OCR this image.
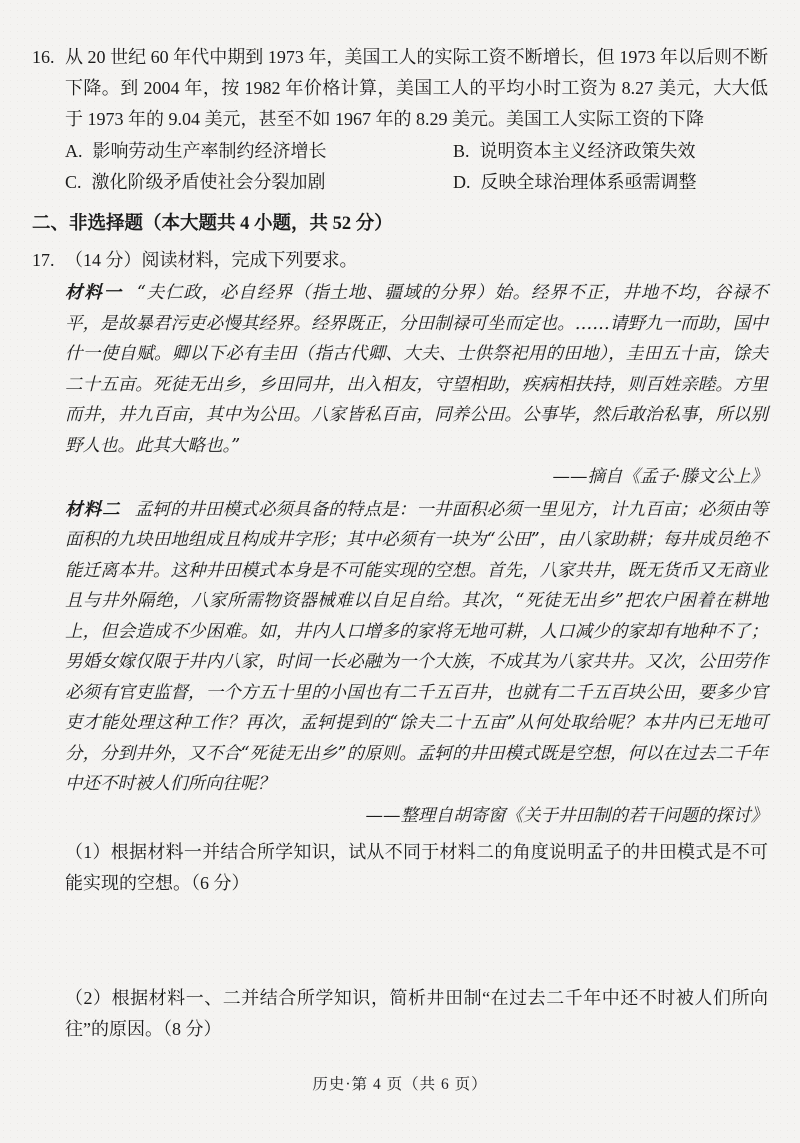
16. 从 20 世纪 60 年代中期到 1973 年，美国工人的实际工资不断增长，但 1973 年以后则不断下降。到 2004 年，按 1982 年价格计算，美国工人的平均小时工资为 8.27 美元，大大低于 1973 年的 9.04 美元，甚至不如 1967 年的 8.29 美元。美国工人实际工资的下降

A. 影响劳动生产率制约经济增长	B. 说明资本主义经济政策失效
C. 激化阶级矛盾使社会分裂加剧	D. 反映全球治理体系亟需调整
二、非选择题（本大题共 4 小题，共 52 分）
17. （14 分）阅读材料，完成下列要求。

材料一 “夫仁政，必自经界（指土地、疆域的分界）始。经界不正，井地不均，谷禄不平，是故暴君污吏必慢其经界。经界既正，分田制禄可坐而定也。……请野九一而助，国中什一使自赋。卿以下必有圭田（指古代卿、大夫、士供祭祀用的田地），圭田五十亩，馀夫二十五亩。死徒无出乡，乡田同井，出入相友，守望相助，疾病相扶持，则百姓亲睦。方里而井，井九百亩，其中为公田。八家皆私百亩，同养公田。公事毕，然后敢治私事，所以别野人也。此其大略也。”

——摘自《孟子·滕文公上》

材料二 孟轲的井田模式必须具备的特点是：一井面积必须一里见方，计九百亩；必须由等面积的九块田地组成且构成井字形；其中必须有一块为“公田”，由八家助耕；每井成员绝不能迁离本井。这种井田模式本身是不可能实现的空想。首先，八家共井，既无货币又无商业且与井外隔绝，八家所需物资器械难以自足自给。其次，“死徒无出乡”把农户困着在耕地上，但会造成不少困难。如，井内人口增多的家将无地可耕，人口减少的家却有地种不了；男婚女嫁仅限于井内八家，时间一长必融为一个大族，不成其为八家共井。又次，公田劳作必须有官吏监督，一个方五十里的小国也有二千五百井，也就有二千五百块公田，要多少官吏才能处理这种工作？再次，孟轲提到的“馀夫二十五亩”从何处取给呢？本井内已无地可分，分到井外，又不合“死徒无出乡”的原则。孟轲的井田模式既是空想，何以在过去二千年中还不时被人们所向往呢？

——整理自胡寄窗《关于井田制的若干问题的探讨》

（1）根据材料一并结合所学知识，试从不同于材料二的角度说明孟子的井田模式是不可能实现的空想。（6 分）

（2）根据材料一、二并结合所学知识，简析井田制“在过去二千年中还不时被人们所向往”的原因。（8 分）

历史·第 4 页（共 6 页）
